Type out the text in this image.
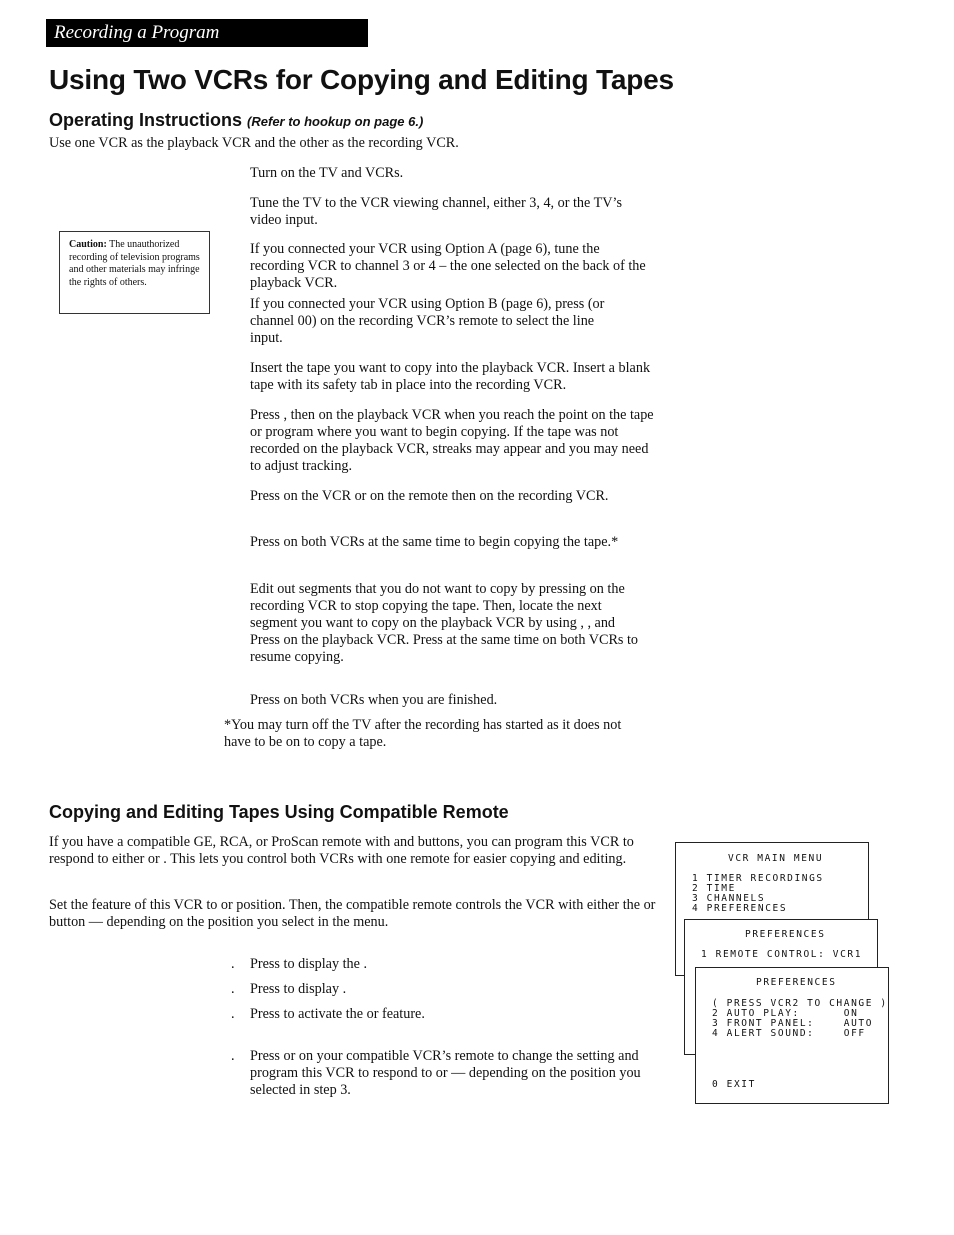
Recording a Program
Using Two VCRs for Copying and Editing Tapes
Operating Instructions (Refer to hookup on page 6.)
Use one VCR as the playback VCR and the other as the recording VCR.
Caution: The unauthorized recording of television programs and other materials may infringe the rights of others.
Turn on the TV and VCRs.
Tune the TV to the VCR viewing channel, either 3, 4, or the TV’s video input.
If you connected your VCR using Option A (page 6), tune the recording VCR to channel 3 or 4 – the one selected on the back of the playback VCR.
If you connected your VCR using Option B (page 6), press (or channel 00) on the recording VCR’s remote to select the line input.
Insert the tape you want to copy into the playback VCR. Insert a blank tape with its safety tab in place into the recording VCR.
Press , then on the playback VCR when you reach the point on the tape or program where you want to begin copying. If the tape was not recorded on the playback VCR, streaks may appear and you may need to adjust tracking.
Press on the VCR or on the remote then on the recording VCR.
Press on both VCRs at the same time to begin copying the tape.*
Edit out segments that you do not want to copy by pressing on the recording VCR to stop copying the tape. Then, locate the next segment you want to copy on the playback VCR by using , , and Press on the playback VCR. Press at the same time on both VCRs to resume copying.
Press on both VCRs when you are finished.
*You may turn off the TV after the recording has started as it does not have to be on to copy a tape.
Copying and Editing Tapes Using Compatible Remote
If you have a compatible GE, RCA, or ProScan remote with and buttons, you can program this VCR to respond to either or . This lets you control both VCRs with one remote for easier copying and editing.
Set the feature of this VCR to or position. Then, the compatible remote controls the VCR with either the or button — depending on the position you select in the menu.
. Press to display the .
. Press to display .
. Press to activate the or feature.
. Press or on your compatible VCR’s remote to change the setting and program this VCR to respond to or — depending on the position you selected in step 3.

VCR MAIN MENU

1 TIMER RECORDINGS

2 TIME

3 CHANNELS

4 PREFERENCES

PREFERENCES

1 REMOTE CONTROL: VCR1

PREFERENCES

( PRESS VCR2 TO CHANGE )

2 AUTO PLAY:      ON

3 FRONT PANEL:    AUTO

4 ALERT SOUND:    OFF

0 EXIT
